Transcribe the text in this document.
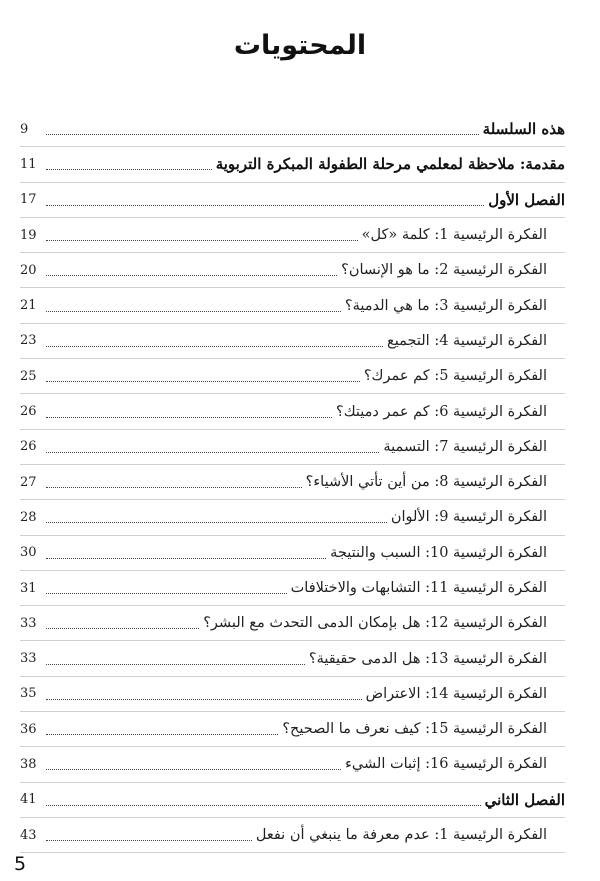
المحتويات
هذه السلسلة
9
مقدمة: ملاحظة لمعلمي مرحلة الطفولة المبكرة التربوية
11
الفصل الأول
17
الفكرة الرئيسية 1: كلمة «كل»
19
الفكرة الرئيسية 2: ما هو الإنسان؟
20
الفكرة الرئيسية 3: ما هي الدمية؟
21
الفكرة الرئيسية 4: التجميع
23
الفكرة الرئيسية 5: كم عمرك؟
25
الفكرة الرئيسية 6: كم عمر دميتك؟
26
الفكرة الرئيسية 7: التسمية
26
الفكرة الرئيسية 8: من أين تأتي الأشياء؟
27
الفكرة الرئيسية 9: الألوان
28
الفكرة الرئيسية 10: السبب والنتيجة
30
الفكرة الرئيسية 11: التشابهات والاختلافات
31
الفكرة الرئيسية 12: هل بإمكان الدمى التحدث مع البشر؟
33
الفكرة الرئيسية 13: هل الدمى حقيقية؟
33
الفكرة الرئيسية 14: الاعتراض
35
الفكرة الرئيسية 15: كيف نعرف ما الصحيح؟
36
الفكرة الرئيسية 16: إثبات الشيء
38
الفصل الثاني
41
الفكرة الرئيسية 1: عدم معرفة ما ينبغي أن نفعل
43
5
